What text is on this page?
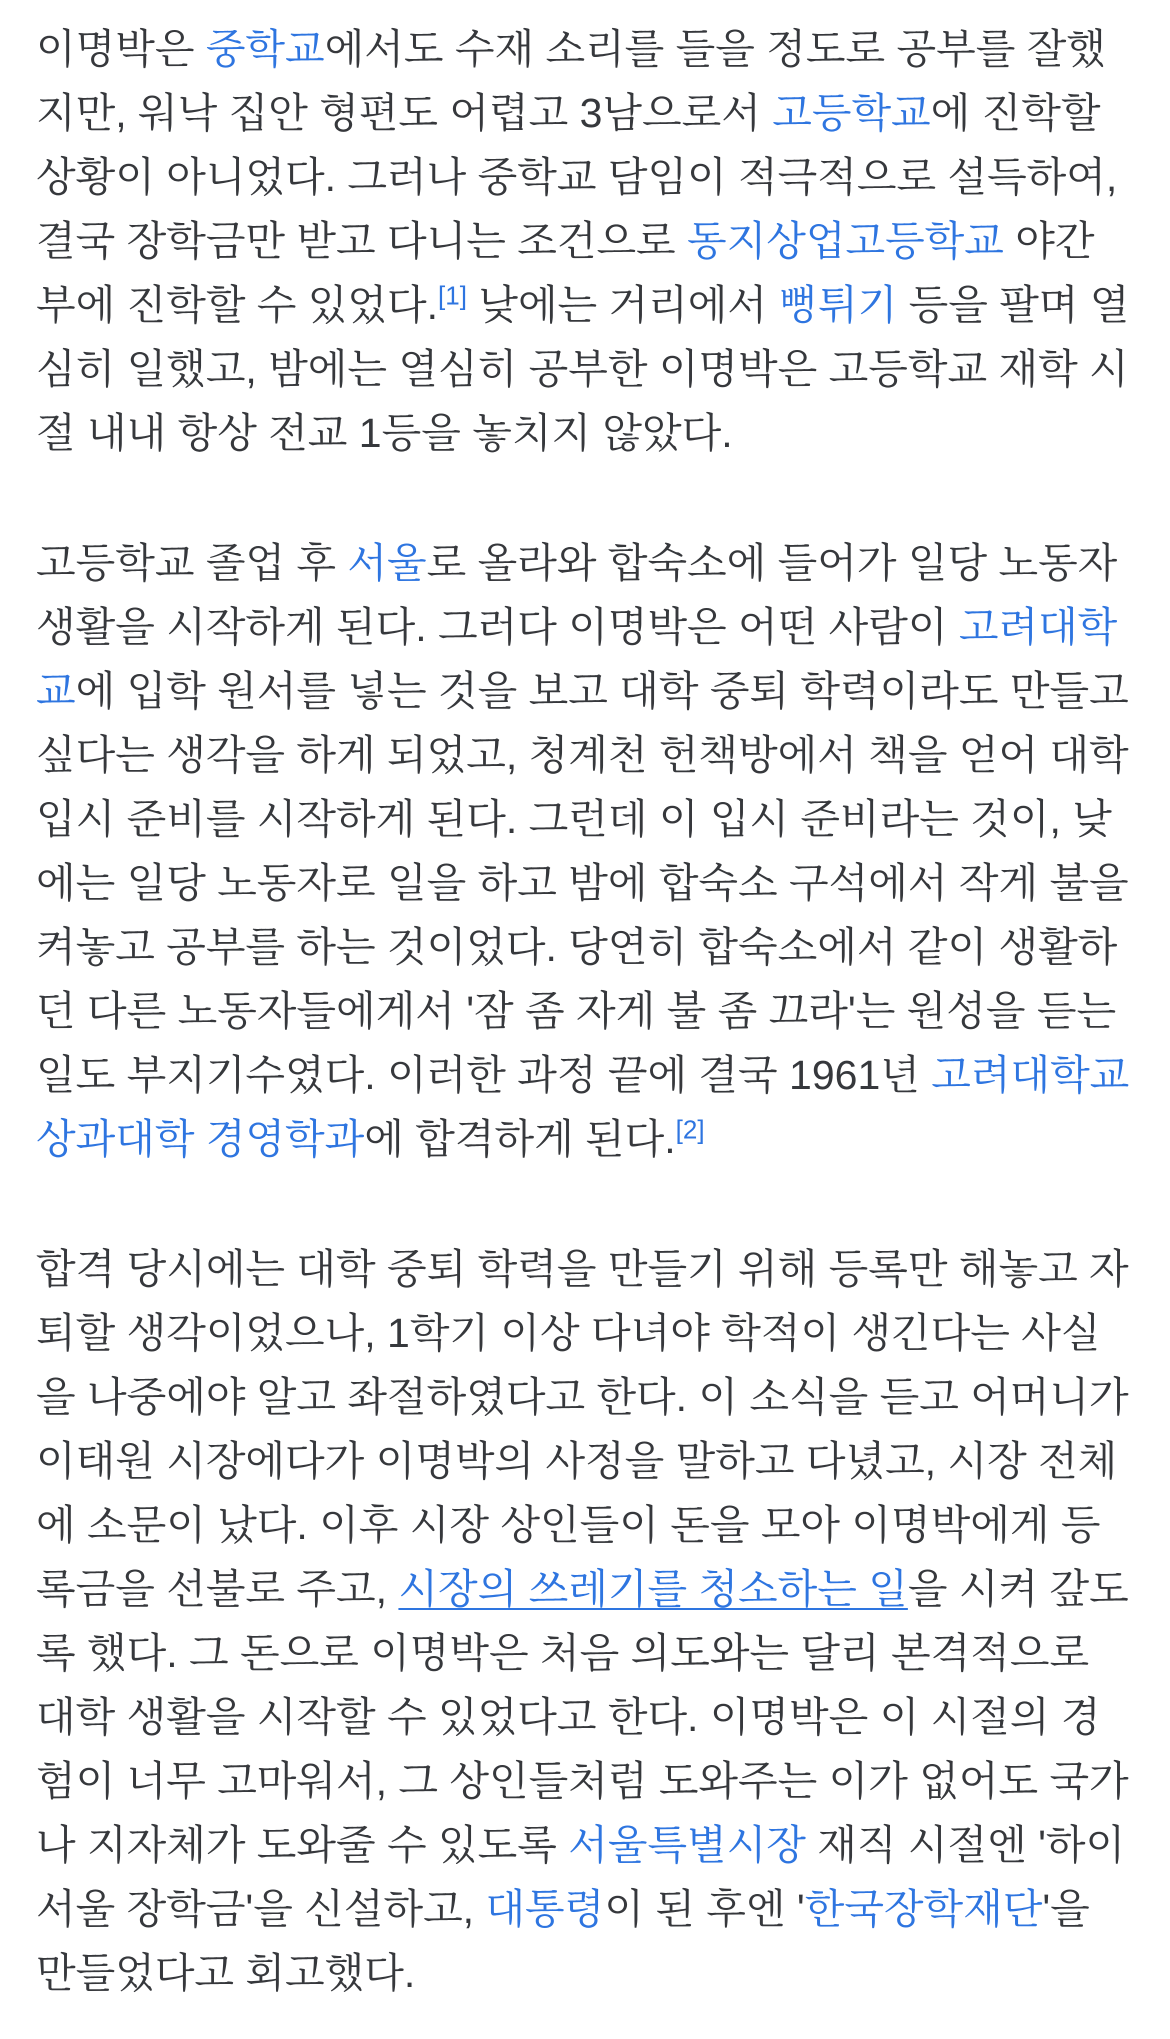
이명박은 중학교에서도 수재 소리를 들을 정도로 공부를 잘했지만, 워낙 집안 형편도 어렵고 3남으로서 고등학교에 진학할 상황이 아니었다. 그러나 중학교 담임이 적극적으로 설득하여, 결국 장학금만 받고 다니는 조건으로 동지상업고등학교 야간부에 진학할 수 있었다.[1] 낮에는 거리에서 뻥튀기 등을 팔며 열심히 일했고, 밤에는 열심히 공부한 이명박은 고등학교 재학 시절 내내 항상 전교 1등을 놓치지 않았다.

고등학교 졸업 후 서울로 올라와 합숙소에 들어가 일당 노동자 생활을 시작하게 된다. 그러다 이명박은 어떤 사람이 고려대학교에 입학 원서를 넣는 것을 보고 대학 중퇴 학력이라도 만들고 싶다는 생각을 하게 되었고, 청계천 헌책방에서 책을 얻어 대학 입시 준비를 시작하게 된다. 그런데 이 입시 준비라는 것이, 낮에는 일당 노동자로 일을 하고 밤에 합숙소 구석에서 작게 불을 켜놓고 공부를 하는 것이었다. 당연히 합숙소에서 같이 생활하던 다른 노동자들에게서 '잠 좀 자게 불 좀 끄라'는 원성을 듣는 일도 부지기수였다. 이러한 과정 끝에 결국 1961년 고려대학교 상과대학 경영학과에 합격하게 된다.[2]

합격 당시에는 대학 중퇴 학력을 만들기 위해 등록만 해놓고 자퇴할 생각이었으나, 1학기 이상 다녀야 학적이 생긴다는 사실을 나중에야 알고 좌절하였다고 한다. 이 소식을 듣고 어머니가 이태원 시장에다가 이명박의 사정을 말하고 다녔고, 시장 전체에 소문이 났다. 이후 시장 상인들이 돈을 모아 이명박에게 등록금을 선불로 주고, 시장의 쓰레기를 청소하는 일을 시켜 갚도록 했다. 그 돈으로 이명박은 처음 의도와는 달리 본격적으로 대학 생활을 시작할 수 있었다고 한다. 이명박은 이 시절의 경험이 너무 고마워서, 그 상인들처럼 도와주는 이가 없어도 국가나 지자체가 도와줄 수 있도록 서울특별시장 재직 시절엔 '하이서울 장학금'을 신설하고, 대통령이 된 후엔 '한국장학재단'을 만들었다고 회고했다.
